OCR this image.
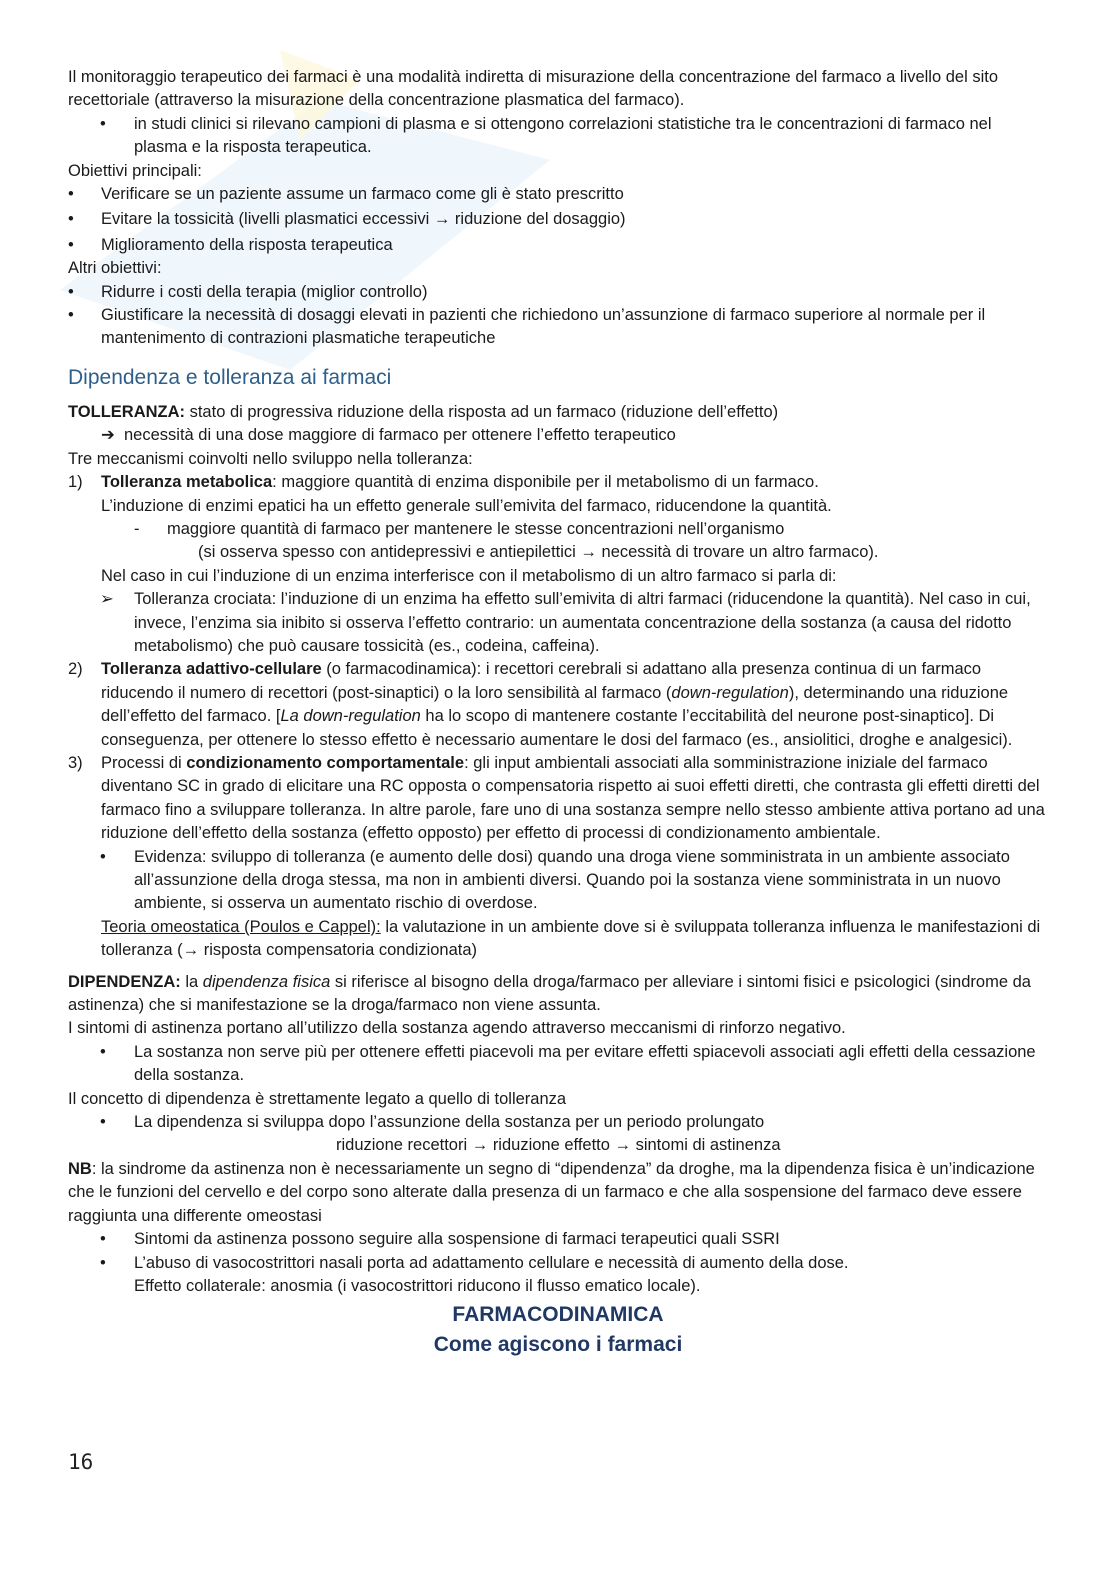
Il monitoraggio terapeutico dei farmaci è una modalità indiretta di misurazione della concentrazione del farmaco a livello del sito recettoriale (attraverso la misurazione della concentrazione plasmatica del farmaco).

• in studi clinici si rilevano campioni di plasma e si ottengono correlazioni statistiche tra le concentrazioni di farmaco nel plasma e la risposta terapeutica.

Obiettivi principali:

• Verificare se un paziente assume un farmaco come gli è stato prescritto

• Evitare la tossicità (livelli plasmatici eccessivi → riduzione del dosaggio)

• Miglioramento della risposta terapeutica

Altri obiettivi:

• Ridurre i costi della terapia (miglior controllo)

• Giustificare la necessità di dosaggi elevati in pazienti che richiedono un’assunzione di farmaco superiore al normale per il mantenimento di contrazioni plasmatiche terapeutiche

Dipendenza e tolleranza ai farmaci

TOLLERANZA: stato di progressiva riduzione della risposta ad un farmaco (riduzione dell’effetto)

➔ necessità di una dose maggiore di farmaco per ottenere l’effetto terapeutico

Tre meccanismi coinvolti nello sviluppo nella tolleranza:

1) Tolleranza metabolica: maggiore quantità di enzima disponibile per il metabolismo di un farmaco.

L’induzione di enzimi epatici ha un effetto generale sull’emivita del farmaco, riducendone la quantità.

- maggiore quantità di farmaco per mantenere le stesse concentrazioni nell’organismo

(si osserva spesso con antidepressivi e antiepilettici → necessità di trovare un altro farmaco).

Nel caso in cui l’induzione di un enzima interferisce con il metabolismo di un altro farmaco si parla di:

➢ Tolleranza crociata: l’induzione di un enzima ha effetto sull’emivita di altri farmaci (riducendone la quantità). Nel caso in cui, invece, l’enzima sia inibito si osserva l’effetto contrario: un aumentata concentrazione della sostanza (a causa del ridotto metabolismo) che può causare tossicità (es., codeina, caffeina).

2) Tolleranza adattivo-cellulare (o farmacodinamica): i recettori cerebrali si adattano alla presenza continua di un farmaco riducendo il numero di recettori (post-sinaptici) o la loro sensibilità al farmaco (down-regulation), determinando una riduzione dell’effetto del farmaco. [La down-regulation ha lo scopo di mantenere costante l’eccitabilità del neurone post-sinaptico]. Di conseguenza, per ottenere lo stesso effetto è necessario aumentare le dosi del farmaco (es., ansiolitici, droghe e analgesici).

3) Processi di condizionamento comportamentale: gli input ambientali associati alla somministrazione iniziale del farmaco diventano SC in grado di elicitare una RC opposta o compensatoria rispetto ai suoi effetti diretti, che contrasta gli effetti diretti del farmaco fino a sviluppare tolleranza. In altre parole, fare uno di una sostanza sempre nello stesso ambiente attiva portano ad una riduzione dell’effetto della sostanza (effetto opposto) per effetto di processi di condizionamento ambientale.

• Evidenza: sviluppo di tolleranza (e aumento delle dosi) quando una droga viene somministrata in un ambiente associato all’assunzione della droga stessa, ma non in ambienti diversi. Quando poi la sostanza viene somministrata in un nuovo ambiente, si osserva un aumentato rischio di overdose.

Teoria omeostatica (Poulos e Cappel): la valutazione in un ambiente dove si è sviluppata tolleranza influenza le manifestazioni di tolleranza (→ risposta compensatoria condizionata)

DIPENDENZA: la dipendenza fisica si riferisce al bisogno della droga/farmaco per alleviare i sintomi fisici e psicologici (sindrome da astinenza) che si manifestazione se la droga/farmaco non viene assunta.

I sintomi di astinenza portano all’utilizzo della sostanza agendo attraverso meccanismi di rinforzo negativo.

• La sostanza non serve più per ottenere effetti piacevoli ma per evitare effetti spiacevoli associati agli effetti della cessazione della sostanza.

Il concetto di dipendenza è strettamente legato a quello di tolleranza

• La dipendenza si sviluppa dopo l’assunzione della sostanza per un periodo prolungato

riduzione recettori → riduzione effetto → sintomi di astinenza

NB: la sindrome da astinenza non è necessariamente un segno di “dipendenza” da droghe, ma la dipendenza fisica è un’indicazione che le funzioni del cervello e del corpo sono alterate dalla presenza di un farmaco e che alla sospensione del farmaco deve essere raggiunta una differente omeostasi

• Sintomi da astinenza possono seguire alla sospensione di farmaci terapeutici quali SSRI

• L’abuso di vasocostrittori nasali porta ad adattamento cellulare e necessità di aumento della dose.

Effetto collaterale: anosmia (i vasocostrittori riducono il flusso ematico locale).

FARMACODINAMICA

Come agiscono i farmaci

16
